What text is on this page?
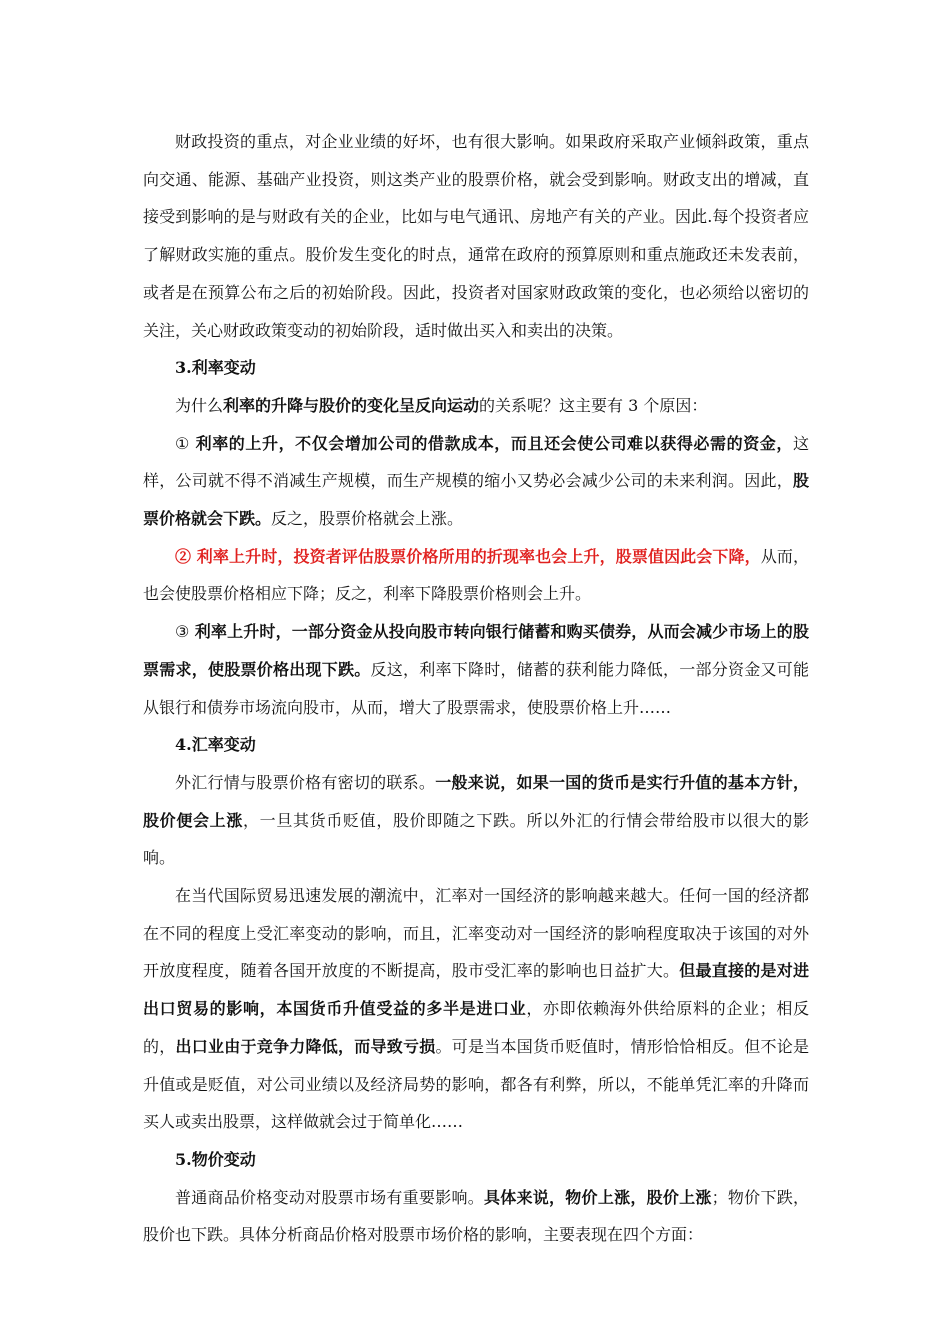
财政投资的重点，对企业业绩的好坏，也有很大影响。如果政府采取产业倾斜政策，重点向交通、能源、基础产业投资，则这类产业的股票价格，就会受到影响。财政支出的增减，直接受到影响的是与财政有关的企业，比如与电气通讯、房地产有关的产业。因此.每个投资者应了解财政实施的重点。股价发生变化的时点，通常在政府的预算原则和重点施政还未发表前，或者是在预算公布之后的初始阶段。因此，投资者对国家财政政策的变化，也必须给以密切的关注，关心财政政策变动的初始阶段，适时做出买入和卖出的决策。

3.利率变动

为什么利率的升降与股价的变化呈反向运动的关系呢？这主要有 3 个原因：

① 利率的上升，不仅会增加公司的借款成本，而且还会使公司难以获得必需的资金，这样，公司就不得不消减生产规模，而生产规模的缩小又势必会减少公司的未来利润。因此，股票价格就会下跌。反之，股票价格就会上涨。

② 利率上升时，投资者评估股票价格所用的折现率也会上升，股票值因此会下降，从而，也会使股票价格相应下降；反之，利率下降股票价格则会上升。

③ 利率上升时，一部分资金从投向股市转向银行储蓄和购买债券，从而会减少市场上的股票需求，使股票价格出现下跌。反这，利率下降时，储蓄的获利能力降低，一部分资金又可能从银行和债券市场流向股市，从而，增大了股票需求，使股票价格上升……

4.汇率变动

外汇行情与股票价格有密切的联系。一般来说，如果一国的货币是实行升值的基本方针，股价便会上涨，一旦其货币贬值，股价即随之下跌。所以外汇的行情会带给股市以很大的影响。

在当代国际贸易迅速发展的潮流中，汇率对一国经济的影响越来越大。任何一国的经济都在不同的程度上受汇率变动的影响，而且，汇率变动对一国经济的影响程度取决于该国的对外开放度程度，随着各国开放度的不断提高，股市受汇率的影响也日益扩大。但最直接的是对进出口贸易的影响，本国货币升值受益的多半是进口业，亦即依赖海外供给原料的企业；相反的，出口业由于竞争力降低，而导致亏损。可是当本国货币贬值时，情形恰恰相反。但不论是升值或是贬值，对公司业绩以及经济局势的影响，都各有利弊，所以，不能单凭汇率的升降而买人或卖出股票，这样做就会过于简单化……

5.物价变动

普通商品价格变动对股票市场有重要影响。具体来说，物价上涨，股价上涨；物价下跌，股价也下跌。具体分析商品价格对股票市场价格的影响，主要表现在四个方面：
